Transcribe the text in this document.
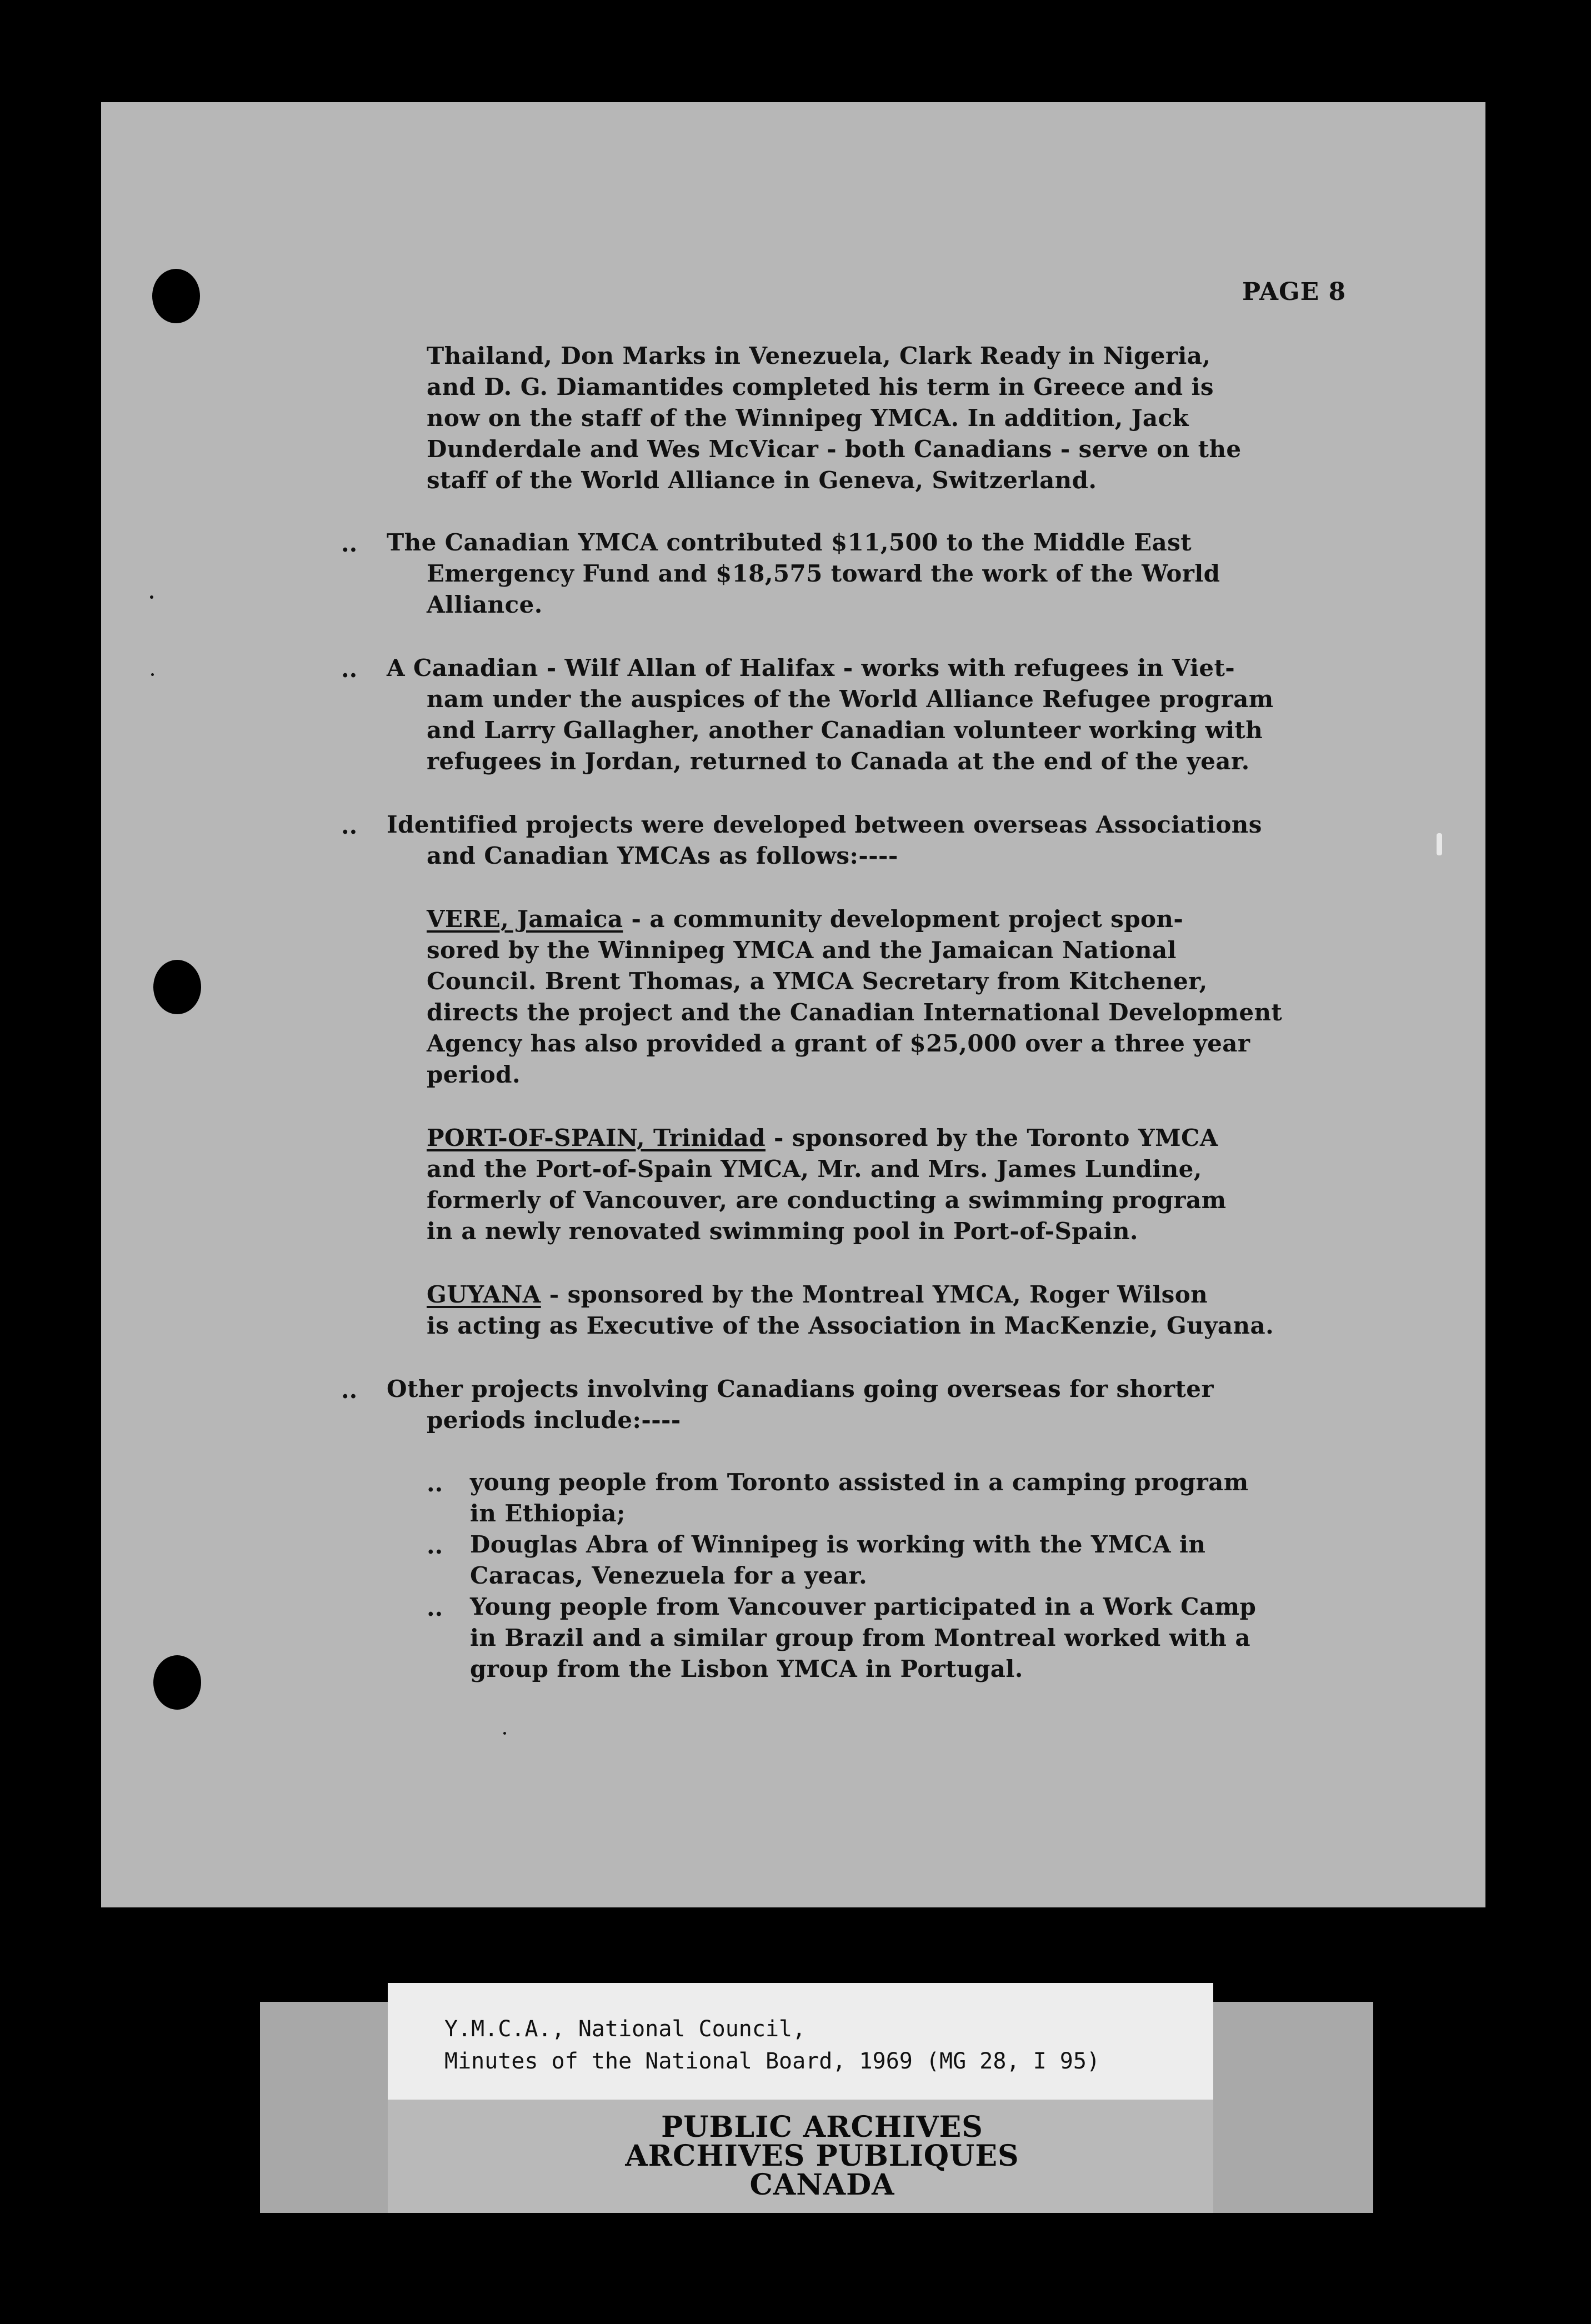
PAGE 8
Thailand, Don Marks in Venezuela, Clark Ready in Nigeria,
and D. G. Diamantides completed his term in Greece and is
now on the staff of the Winnipeg YMCA. In addition, Jack
Dunderdale and Wes McVicar - both Canadians - serve on the
staff of the World Alliance in Geneva, Switzerland.
.. The Canadian YMCA contributed $11,500 to the Middle East
Emergency Fund and $18,575 toward the work of the World
Alliance.
.. A Canadian - Wilf Allan of Halifax - works with refugees in Viet-
nam under the auspices of the World Alliance Refugee program
and Larry Gallagher, another Canadian volunteer working with
refugees in Jordan, returned to Canada at the end of the year.
.. Identified projects were developed between overseas Associations
and Canadian YMCAs as follows:----
VERE, Jamaica - a community development project spon-
sored by the Winnipeg YMCA and the Jamaican National
Council. Brent Thomas, a YMCA Secretary from Kitchener,
directs the project and the Canadian International Development
Agency has also provided a grant of $25,000 over a three year
period.
PORT-OF-SPAIN, Trinidad - sponsored by the Toronto YMCA
and the Port-of-Spain YMCA, Mr. and Mrs. James Lundine,
formerly of Vancouver, are conducting a swimming program
in a newly renovated swimming pool in Port-of-Spain.
GUYANA - sponsored by the Montreal YMCA, Roger Wilson
is acting as Executive of the Association in MacKenzie, Guyana.
.. Other projects involving Canadians going overseas for shorter
periods include:----
.. young people from Toronto assisted in a camping program
in Ethiopia;
.. Douglas Abra of Winnipeg is working with the YMCA in
Caracas, Venezuela for a year.
.. Young people from Vancouver participated in a Work Camp
in Brazil and a similar group from Montreal worked with a
group from the Lisbon YMCA in Portugal.
Y.M.C.A., National Council,
Minutes of the National Board, 1969 (MG 28, I 95)
PUBLIC ARCHIVES
ARCHIVES PUBLIQUES
CANADA
